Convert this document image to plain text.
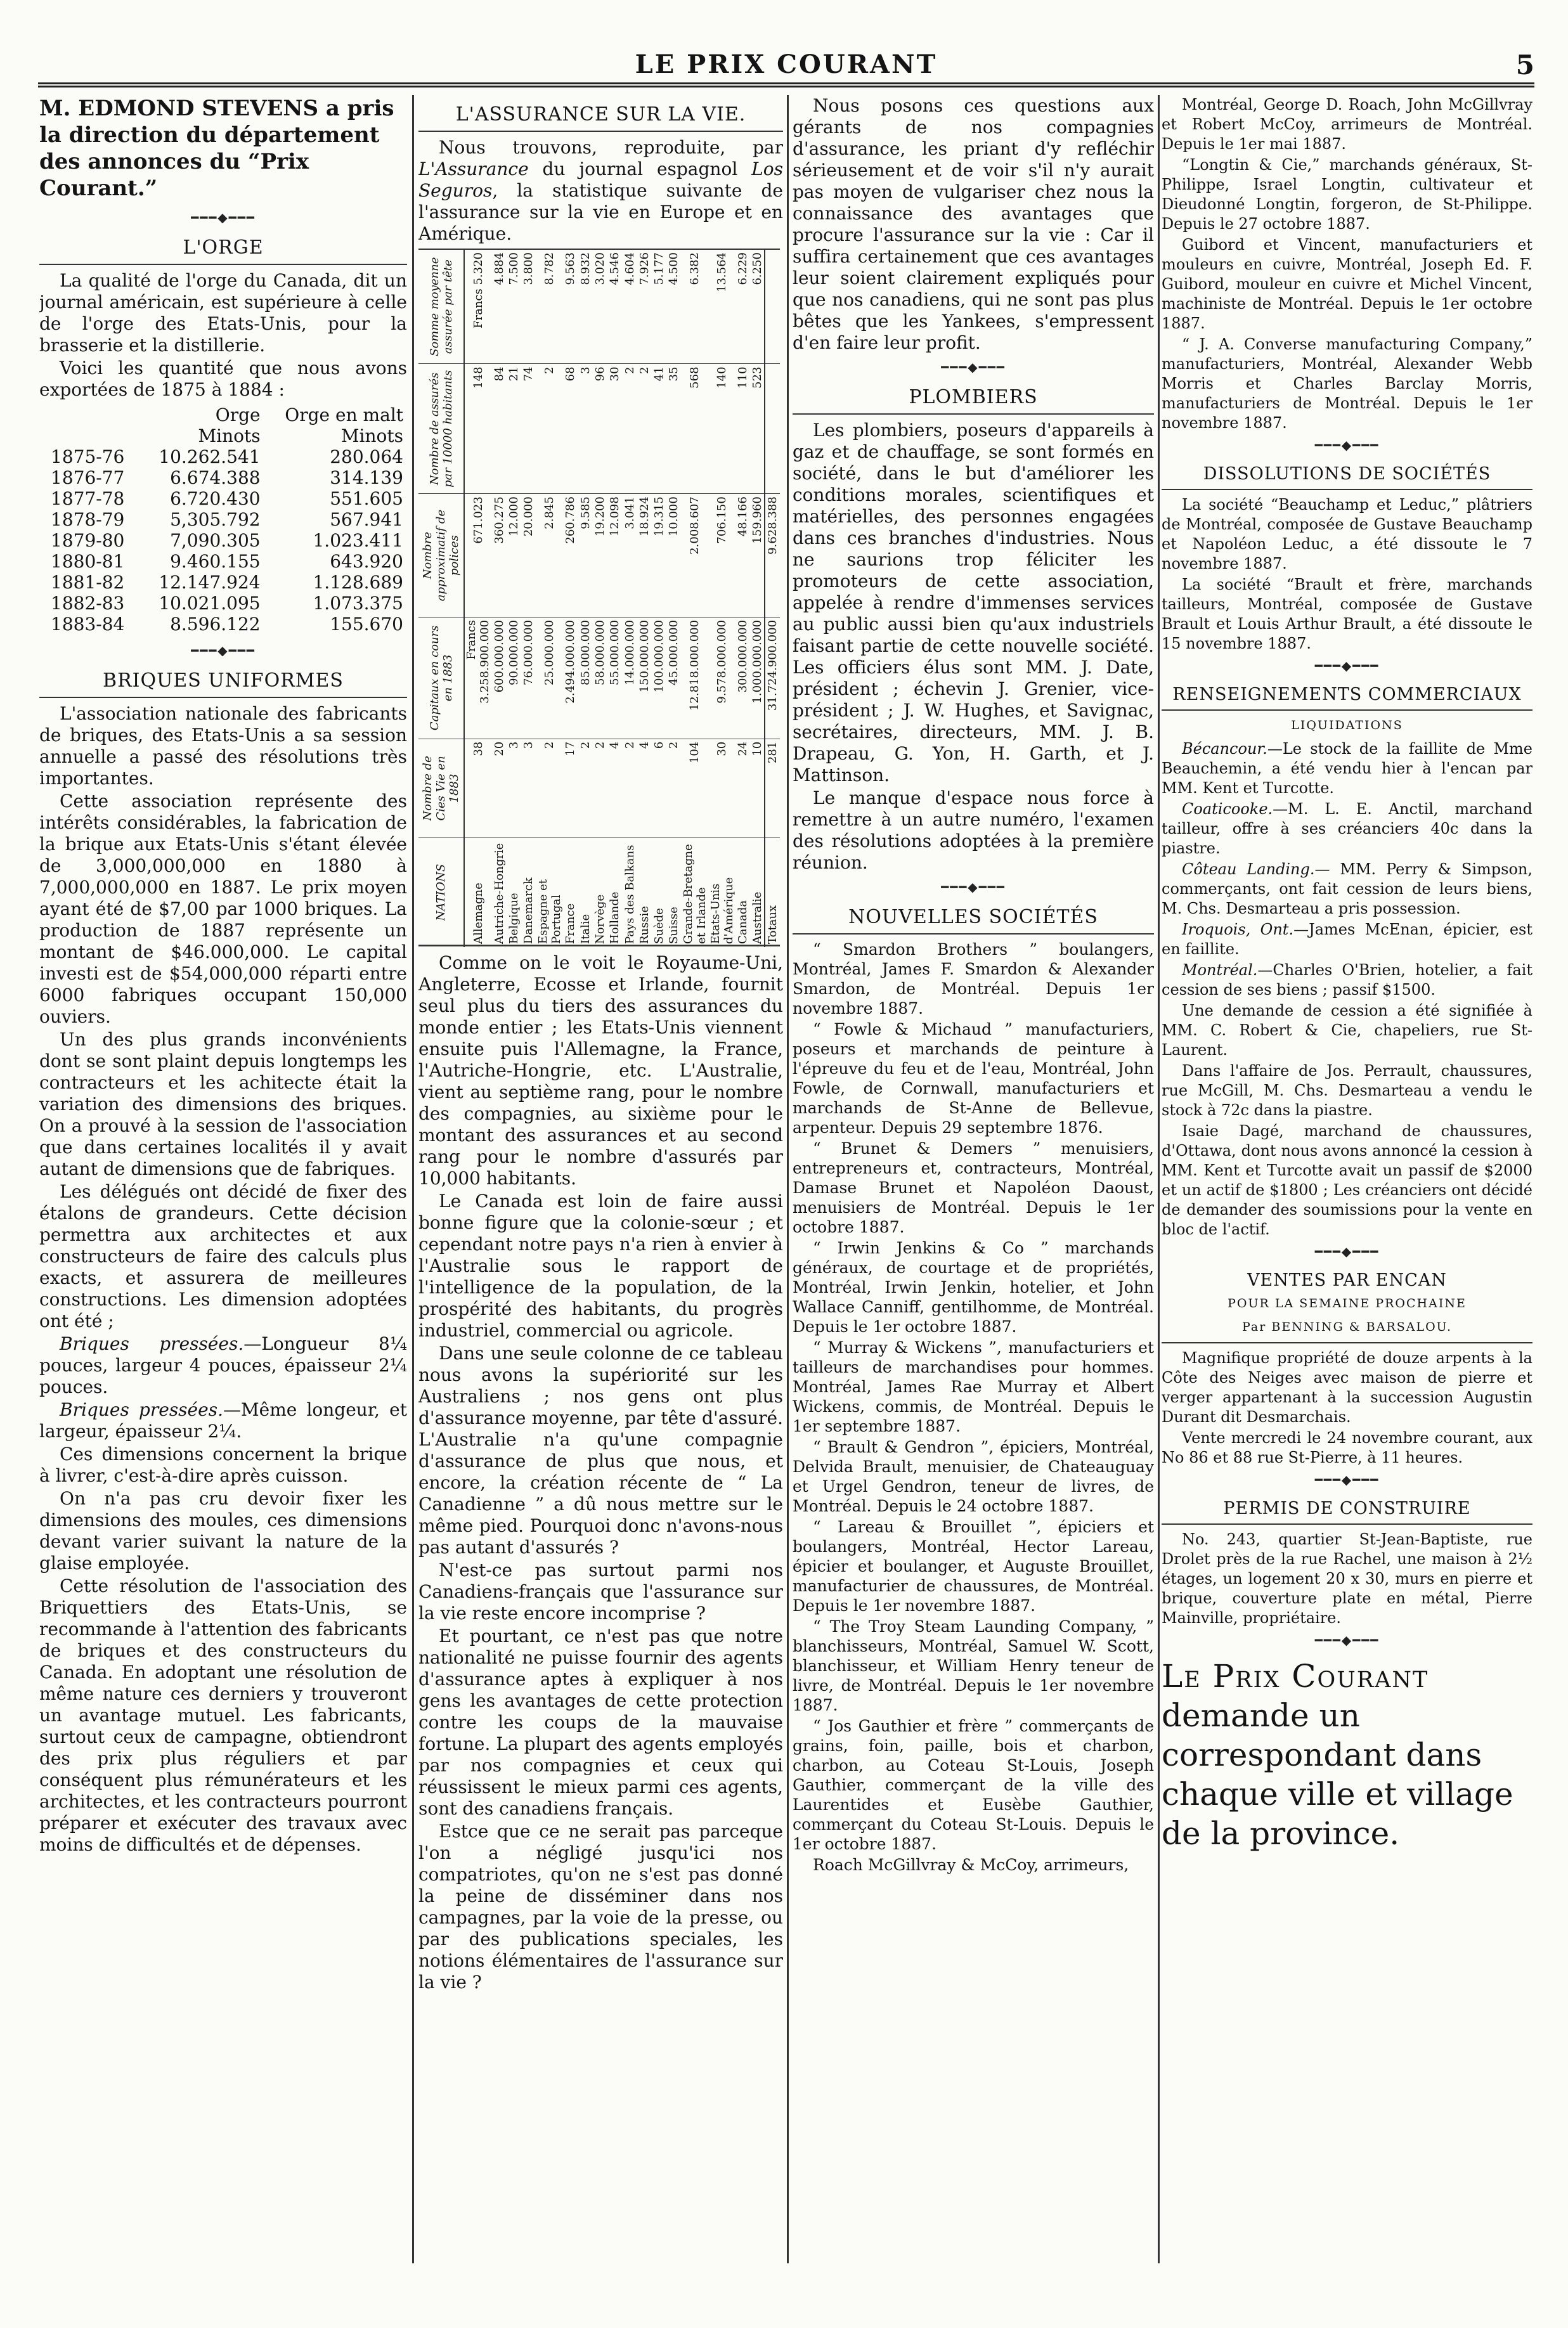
LE PRIX COURANT	5

M. EDMOND STEVENS a pris la direction du département des annonces du “Prix Courant.”

━━━◆━━━
L'ORGE

La qualité de l'orge du Canada, dit un journal américain, est supérieure à celle de l'orge des Etats-Unis, pour la brasserie et la distillerie.

Voici les quantité que nous avons exportées de 1875 à 1884 :

	Orge	Orge en malt
	Minots	Minots
1875-76	10.262.541	280.064
1876-77	6.674.388	314.139
1877-78	6.720.430	551.605
1878-79	5,305.792	567.941
1879-80	7,090.305	1.023.411
1880-81	9.460.155	643.920
1881-82	12.147.924	1.128.689
1882-83	10.021.095	1.073.375
1883-84	8.596.122	155.670
━━━◆━━━
BRIQUES UNIFORMES

L'association nationale des fabricants de briques, des Etats-Unis a sa session annuelle a passé des résolutions très importantes.

Cette association représente des intérêts considérables, la fabrication de la brique aux Etats-Unis s'étant élevée de 3,000,000,000 en 1880 à 7,000,000,000 en 1887. Le prix moyen ayant été de $7,00 par 1000 briques. La production de 1887 représente un montant de $46.000,000. Le capital investi est de $54,000,000 réparti entre 6000 fabriques occupant 150,000 ouviers.

Un des plus grands inconvénients dont se sont plaint depuis longtemps les contracteurs et les achitecte était la variation des dimensions des briques. On a prouvé à la session de l'association que dans certaines localités il y avait autant de dimensions que de fabriques.

Les délégués ont décidé de fixer des étalons de grandeurs. Cette décision permettra aux architectes et aux constructeurs de faire des calculs plus exacts, et assurera de meilleures constructions. Les dimension adoptées ont été ;

Briques pressées.—Longueur 8¼ pouces, largeur 4 pouces, épaisseur 2¼ pouces.

Briques pressées.—Même longeur, et largeur, épaisseur 2¼.

Ces dimensions concernent la brique à livrer, c'est-à-dire après cuisson.

On n'a pas cru devoir fixer les dimensions des moules, ces dimensions devant varier suivant la nature de la glaise employée.

Cette résolution de l'association des Briquettiers des Etats-Unis, se recommande à l'attention des fabricants de briques et des constructeurs du Canada. En adoptant une résolution de même nature ces derniers y trouveront un avantage mutuel. Les fabricants, surtout ceux de campagne, obtiendront des prix plus réguliers et par conséquent plus rémunérateurs et les architectes, et les contracteurs pourront préparer et exécuter des travaux avec moins de difficultés et de dépenses.

L'ASSURANCE SUR LA VIE.

Nous trouvons, reproduite, par L'Assurance du journal espagnol Los Seguros, la statistique suivante de l'assurance sur la vie en Europe et en Amérique.

NATIONS	Nombre de Cies Vie en 1883	Capitaux en cours en 1883	Nombre approximatif de polices	Nombre de assurés par 10000 habitants	Somme moyenne assurée par tête
Allemagne	38	Francs 3.258.900.000	671.023	148	Francs 5.320
Autriche-Hongrie	20	600.000.000	360.275	84	4.884
Belgique	3	90.000.000	12.000	21	7.500
Danemarck	3	76.000.000	20.000	74	3.800
Espagne et Portugal	2	25.000.000	2.845	2	8.782
France	17	2.494.000.000	260.786	68	9.563
Italie	2	85.000.000	9.585	3	8.932
Norvège	2	58.000.000	19.200	96	3.020
Hollande	4	55.000.000	12.098	30	4.546
Pays des Balkans	2	14.000.000	3.041	2	4.604
Russie	4	150.000.000	18.924	2	7.926
Suède	6	100.000.000	19.315	41	5.177
Suisse	2	45.000.000	10.000	35	4.500
Grande-Bretagne et Irlande	104	12.818.000.000	2.008.607	568	6.382
Etats-Unis d'Amérique	30	9.578.000.000	706.150	140	13.564
Canada	24	300.000.000	48.166	110	6.229
Australie	10	1.000.000.000	159.960	523	6.250
Totaux	281	31.724.900.000	9.628.388		

Comme on le voit le Royaume-Uni, Angleterre, Ecosse et Irlande, fournit seul plus du tiers des assurances du monde entier ; les Etats-Unis viennent ensuite puis l'Allemagne, la France, l'Autriche-Hongrie, etc. L'Australie, vient au septième rang, pour le nombre des compagnies, au sixième pour le montant des assurances et au second rang pour le nombre d'assurés par 10,000 habitants.

Le Canada est loin de faire aussi bonne figure que la colonie-sœur ; et cependant notre pays n'a rien à envier à l'Australie sous le rapport de l'intelligence de la population, de la prospérité des habitants, du progrès industriel, commercial ou agricole.

Dans une seule colonne de ce tableau nous avons la supériorité sur les Australiens ; nos gens ont plus d'assurance moyenne, par tête d'assuré. L'Australie n'a qu'une compagnie d'assurance de plus que nous, et encore, la création récente de “ La Canadienne ” a dû nous mettre sur le même pied. Pourquoi donc n'avons-nous pas autant d'assurés ?

N'est-ce pas surtout parmi nos Canadiens-français que l'assurance sur la vie reste encore incomprise ?

Et pourtant, ce n'est pas que notre nationalité ne puisse fournir des agents d'assurance aptes à expliquer à nos gens les avantages de cette protection contre les coups de la mauvaise fortune. La plupart des agents employés par nos compagnies et ceux qui réussissent le mieux parmi ces agents, sont des canadiens français.

Estce que ce ne serait pas parceque l'on a négligé jusqu'ici nos compatriotes, qu'on ne s'est pas donné la peine de disséminer dans nos campagnes, par la voie de la presse, ou par des publications speciales, les notions élémentaires de l'assurance sur la vie ?

Nous posons ces questions aux gérants de nos compagnies d'assurance, les priant d'y refléchir sérieusement et de voir s'il n'y aurait pas moyen de vulgariser chez nous la connaissance des avantages que procure l'assurance sur la vie : Car il suffira certainement que ces avantages leur soient clairement expliqués pour que nos canadiens, qui ne sont pas plus bêtes que les Yankees, s'empressent d'en faire leur profit.

━━━◆━━━
PLOMBIERS

Les plombiers, poseurs d'appareils à gaz et de chauffage, se sont formés en société, dans le but d'améliorer les conditions morales, scientifiques et matérielles, des personnes engagées dans ces branches d'industries. Nous ne saurions trop féliciter les promoteurs de cette association, appelée à rendre d'immenses services au public aussi bien qu'aux industriels faisant partie de cette nouvelle société. Les officiers élus sont MM. J. Date, président ; échevin J. Grenier, vice-président ; J. W. Hughes, et Savignac, secrétaires, directeurs, MM. J. B. Drapeau, G. Yon, H. Garth, et J. Mattinson.

Le manque d'espace nous force à remettre à un autre numéro, l'examen des résolutions adoptées à la première réunion.

━━━◆━━━
NOUVELLES SOCIÉTÉS

“ Smardon Brothers ” boulangers, Montréal, James F. Smardon & Alexander Smardon, de Montréal. Depuis 1er novembre 1887.

“ Fowle & Michaud ” manufacturiers, poseurs et marchands de peinture à l'épreuve du feu et de l'eau, Montréal, John Fowle, de Cornwall, manufacturiers et marchands de St-Anne de Bellevue, arpenteur. Depuis 29 septembre 1876.

“ Brunet & Demers ” menuisiers, entrepreneurs et, contracteurs, Montréal, Damase Brunet et Napoléon Daoust, menuisiers de Montréal. Depuis le 1er octobre 1887.

“ Irwin Jenkins & Co ” marchands généraux, de courtage et de propriétés, Montréal, Irwin Jenkin, hotelier, et John Wallace Canniff, gentilhomme, de Montréal. Depuis le 1er octobre 1887.

“ Murray & Wickens ”, manufacturiers et tailleurs de marchandises pour hommes. Montréal, James Rae Murray et Albert Wickens, commis, de Montréal. Depuis le 1er septembre 1887.

“ Brault & Gendron ”, épiciers, Montréal, Delvida Brault, menuisier, de Chateauguay et Urgel Gendron, teneur de livres, de Montréal. Depuis le 24 octobre 1887.

“ Lareau & Brouillet ”, épiciers et boulangers, Montréal, Hector Lareau, épicier et boulanger, et Auguste Brouillet, manufacturier de chaussures, de Montréal. Depuis le 1er novembre 1887.

“ The Troy Steam Launding Company, ” blanchisseurs, Montréal, Samuel W. Scott, blanchisseur, et William Henry teneur de livre, de Montréal. Depuis le 1er novembre 1887.

“ Jos Gauthier et frère ” commerçants de grains, foin, paille, bois et charbon, charbon, au Coteau St-Louis, Joseph Gauthier, commerçant de la ville des Laurentides et Eusèbe Gauthier, commerçant du Coteau St-Louis. Depuis le 1er octobre 1887.

Roach McGillvray & McCoy, arrimeurs,

Montréal, George D. Roach, John McGillvray et Robert McCoy, arrimeurs de Montréal. Depuis le 1er mai 1887.

“Longtin & Cie,” marchands généraux, St-Philippe, Israel Longtin, cultivateur et Dieudonné Longtin, forgeron, de St-Philippe. Depuis le 27 octobre 1887.

Guibord et Vincent, manufacturiers et mouleurs en cuivre, Montréal, Joseph Ed. F. Guibord, mouleur en cuivre et Michel Vincent, machiniste de Montréal. Depuis le 1er octobre 1887.

“ J. A. Converse manufacturing Company,” manufacturiers, Montréal, Alexander Webb Morris et Charles Barclay Morris, manufacturiers de Montréal. Depuis le 1er novembre 1887.

━━━◆━━━
DISSOLUTIONS DE SOCIÉTÉS

La société “Beauchamp et Leduc,” plâtriers de Montréal, composée de Gustave Beauchamp et Napoléon Leduc, a été dissoute le 7 novembre 1887.

La société “Brault et frère, marchands tailleurs, Montréal, composée de Gustave Brault et Louis Arthur Brault, a été dissoute le 15 novembre 1887.

━━━◆━━━
RENSEIGNEMENTS COMMERCIAUX
LIQUIDATIONS

Bécancour.—Le stock de la faillite de Mme Beauchemin, a été vendu hier à l'encan par MM. Kent et Turcotte.

Coaticooke.—M. L. E. Anctil, marchand tailleur, offre à ses créanciers 40c dans la piastre.

Côteau Landing.— MM. Perry & Simpson, commerçants, ont fait cession de leurs biens, M. Chs. Desmarteau a pris possession.

Iroquois, Ont.—James McEnan, épicier, est en faillite.

Montréal.—Charles O'Brien, hotelier, a fait cession de ses biens ; passif $1500.

Une demande de cession a été signifiée à MM. C. Robert & Cie, chapeliers, rue St-Laurent.

Dans l'affaire de Jos. Perrault, chaussures, rue McGill, M. Chs. Desmarteau a vendu le stock à 72c dans la piastre.

Isaie Dagé, marchand de chaussures, d'Ottawa, dont nous avons annoncé la cession à MM. Kent et Turcotte avait un passif de $2000 et un actif de $1800 ; Les créanciers ont décidé de demander des soumissions pour la vente en bloc de l'actif.

━━━◆━━━
VENTES PAR ENCAN
POUR LA SEMAINE PROCHAINE
Par BENNING & BARSALOU.

Magnifique propriété de douze arpents à la Côte des Neiges avec maison de pierre et verger appartenant à la succession Augustin Durant dit Desmarchais.

Vente mercredi le 24 novembre courant, aux No 86 et 88 rue St-Pierre, à 11 heures.

━━━◆━━━
PERMIS DE CONSTRUIRE

No. 243, quartier St-Jean-Baptiste, rue Drolet près de la rue Rachel, une maison à 2½ étages, un logement 20 x 30, murs en pierre et brique, couverture plate en métal, Pierre Mainville, propriétaire.

━━━◆━━━

Le Prix Courant demande un correspondant dans chaque ville et village de la province.
